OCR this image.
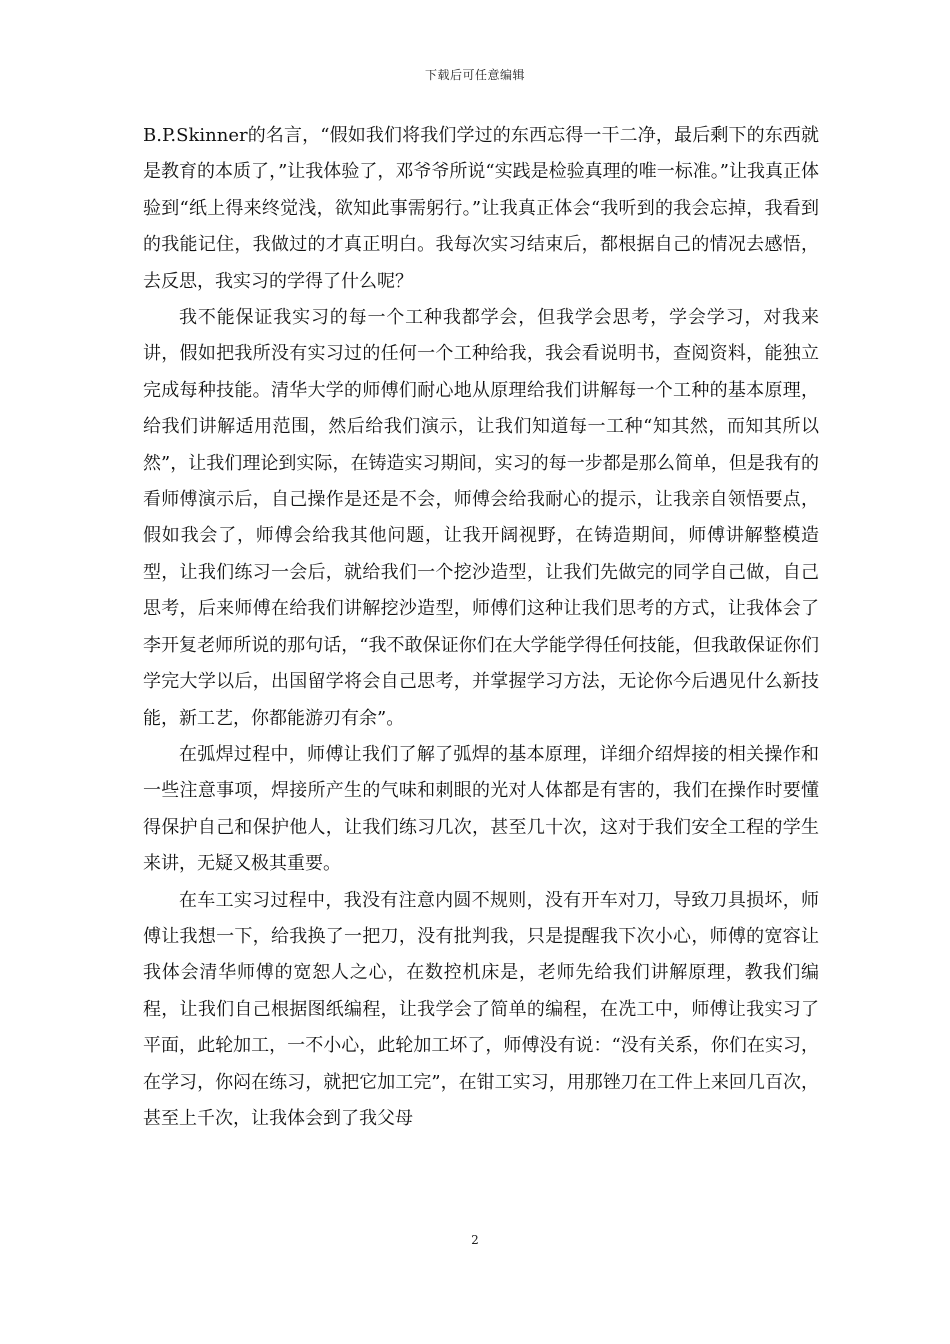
下载后可任意编辑

B.P.Skinner的名言，“假如我们将我们学过的东西忘得一干二净，最后剩下的东西就是教育的本质了，”让我体验了，邓爷爷所说“实践是检验真理的唯一标准。”让我真正体验到“纸上得来终觉浅，欲知此事需躬行。”让我真正体会“我听到的我会忘掉，我看到的我能记住，我做过的才真正明白。我每次实习结束后，都根据自己的情况去感悟，去反思，我实习的学得了什么呢？

我不能保证我实习的每一个工种我都学会，但我学会思考，学会学习，对我来讲，假如把我所没有实习过的任何一个工种给我，我会看说明书，查阅资料，能独立完成每种技能。清华大学的师傅们耐心地从原理给我们讲解每一个工种的基本原理，给我们讲解适用范围，然后给我们演示，让我们知道每一工种“知其然，而知其所以然”，让我们理论到实际，在铸造实习期间，实习的每一步都是那么简单，但是我有的看师傅演示后，自己操作是还是不会，师傅会给我耐心的提示，让我亲自领悟要点，假如我会了，师傅会给我其他问题，让我开阔视野，在铸造期间，师傅讲解整模造型，让我们练习一会后，就给我们一个挖沙造型，让我们先做完的同学自己做，自己思考，后来师傅在给我们讲解挖沙造型，师傅们这种让我们思考的方式，让我体会了李开复老师所说的那句话，“我不敢保证你们在大学能学得任何技能，但我敢保证你们学完大学以后，出国留学将会自己思考，并掌握学习方法，无论你今后遇见什么新技能，新工艺，你都能游刃有余”。

在弧焊过程中，师傅让我们了解了弧焊的基本原理，详细介绍焊接的相关操作和一些注意事项，焊接所产生的气味和刺眼的光对人体都是有害的，我们在操作时要懂得保护自己和保护他人，让我们练习几次，甚至几十次，这对于我们安全工程的学生来讲，无疑又极其重要。

在车工实习过程中，我没有注意内圆不规则，没有开车对刀，导致刀具损坏，师傅让我想一下，给我换了一把刀，没有批判我，只是提醒我下次小心，师傅的宽容让我体会清华师傅的宽恕人之心，在数控机床是，老师先给我们讲解原理，教我们编程，让我们自己根据图纸编程，让我学会了简单的编程，在冼工中，师傅让我实习了平面，此轮加工，一不小心，此轮加工坏了，师傅没有说：“没有关系，你们在实习，在学习，你闷在练习，就把它加工完”，在钳工实习，用那锉刀在工件上来回几百次，甚至上千次，让我体会到了我父母

2
